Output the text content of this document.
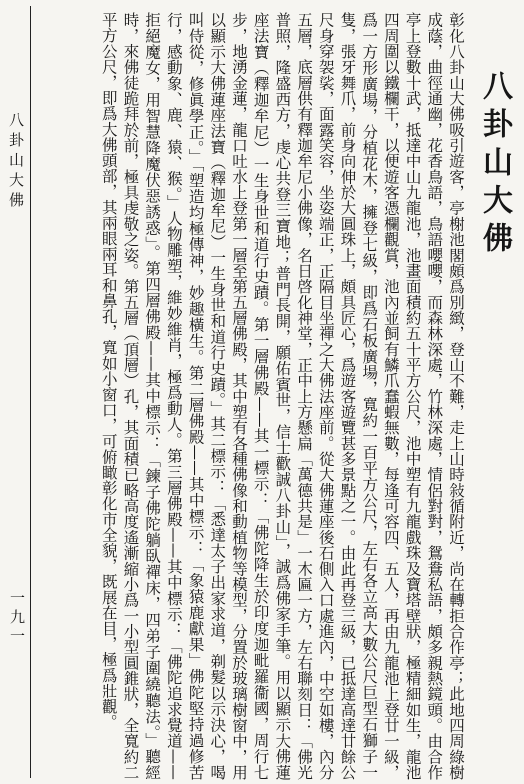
八卦山大佛
一九一
八卦山大佛

彰化八卦山大佛吸引遊客，亭榭池閣頗爲別緻，登山不難，走上山時敍循附近，尚在轉拒合作亭；此地四周綠樹成蔭，曲徑通幽，花香鳥語，鳥語嚶嚶，而森林深處，竹林深處，情侶對對，鴛鴦私語，頗多親熱鏡頭。由合作亭上登數十武，抵達中山九龍池，池畫面積約五十平方公尺，池中塑有九龍戲珠及寶塔壁狀，極精細如生，龍池四周圍以鐵欄干，以便遊客憑欄觀賞，池內並飼有鱗爪蠢蝦無數，每逢可容四、五人，再由九龍池上登廿一級，爲一方形廣場，分植花木，擁登七級，即爲石板廣場，寬約一百平方公尺，左右各立高大數公尺巨型石獅子一隻，張牙舞爪，前身向伸於大圓珠上，頗具匠心，爲遊客遊覽甚多景點之一。由此再登三級，已抵達高達廿餘公尺身穿袈裟，面露笑容，坐姿端正，正隔目坐禪之大佛法座前。從大佛蓮座後石側入口處進內，中空如樓，內分五層，底層供有釋迦牟尼小佛像，名日啓化神堂，正中上方懸扁「萬德共是」一木匾一方，左右聯刻日：「佛光普照，隆盛西方，虔心共登三寶地；普門長開，願佑賓世，信士歡誠八卦山」，誠爲佛家手筆。用以顯示大佛蓮座法寶（釋迦牟尼）一生身世和道行史蹟。第一層佛殿——其一標示：「佛陀降生於印度迦毗羅衞國，周行七步，地湧金蓮，龍口吐水上登第一層至第五層佛殿，其中塑有各種佛像和動植物等模型，分置於玻璃樹窗中，用以顯示大佛蓮座法寶（釋迦牟尼）一生身世和道行史蹟。」其二標示：「悉達太子出家求道，剃髮以示決心，喝叫侍從，修眞學正。」「塑造均極傳神，妙趣橫生。第二層佛殿——其中標示：「象猿鹿獻果」佛陀堅持過修苦行，感動象、鹿、猿、猴。」人物雕塑，維妙維肖，極爲動人。第三層佛殿——其中標示：「佛陀追求覺道——拒絕魔女，用智慧降魔伏惡誘惑」。第四層佛殿——其中標示：「鍊子佛陀躺臥禪床，四弟子圍繞聽法。」聽經時，來佛徒跪拜於前，極具虔敬之姿。第五層（頂層）孔，其面積已略高度遙漸縮小爲一小型圓錐狀，全寬約二平方公尺，即爲大佛頭部，其兩眼兩耳和鼻孔，寬如小窗口，可俯瞰彰化市全貌，既展在目，極爲壯觀。
